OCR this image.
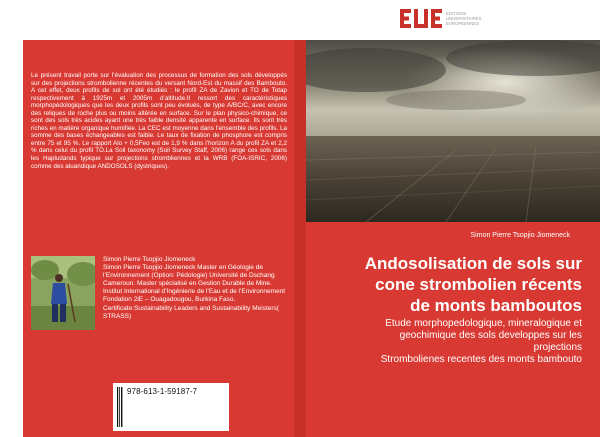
EDITIONS
UNIVERSITAIRES
EUROPEENNES
Le présent travail porte sur l’évaluation des processus de formation des sols développés sur des projections strombolienne récentes du versant Nord-Est du massif des Bambouto. A cet effet, deux profils de sol ont été étudiés : le profil ZA de Zavion et TO de Totap respectivement à 1925m et 2005m d’altitude.Il ressort des caractéristiques morphopédologiques que les deux profils sont peu évolués, de type A/BC/C, avec encore des reliques de roche plus ou moins altérée en surface. Sur le plan physico-chimique, ce sont des sols très acides ayant une très faible densité apparente en surface. Ils sont très riches en matière organique humifiée. La CEC est moyenne dans l’ensemble des profils. La somme des bases échangeables est faible. Le taux de fixation de phosphore est compris entre 75 et 95 %. Le rapport Alo + 0,5Feo est de 1,9 % dans l’horizon A du profil ZA et 2,2 % dans celui du profil TO.La Soil taxonomy (Soil Survey Staff, 2006) range ces sols dans les Hapludands typique sur projections strombliennes et la WRB (FOA-ISRIC, 2006) comme des aluandique ANDOSOLS (dystriques).
Simon Pierre Tsopjio Jiomeneck
Simon Pierre Tsopjio Jiomeneck Master en Géologie de l’Environnement (Option: Pédologie) Université de Dschang Cameroun. Master spécialisé en Gestion Durable de Mine. Institut International d’Ingénierie de l’Eau et de l’Environnement Fondation 2iE – Ouagadougou, Burkina Faso. Certificate:Sustainability Leaders and Sustainability Meisters( STRASS)
978-613-1-59187-7
Simon Pierre Tsopjio Jiomeneck
Andosolisation de sols sur
cone strombolien récents
de monts bamboutos
Etude morphopedologique, mineralogique et
geochimique des sols developpes sur les
projections
Strombolienes recentes des monts bambouto
